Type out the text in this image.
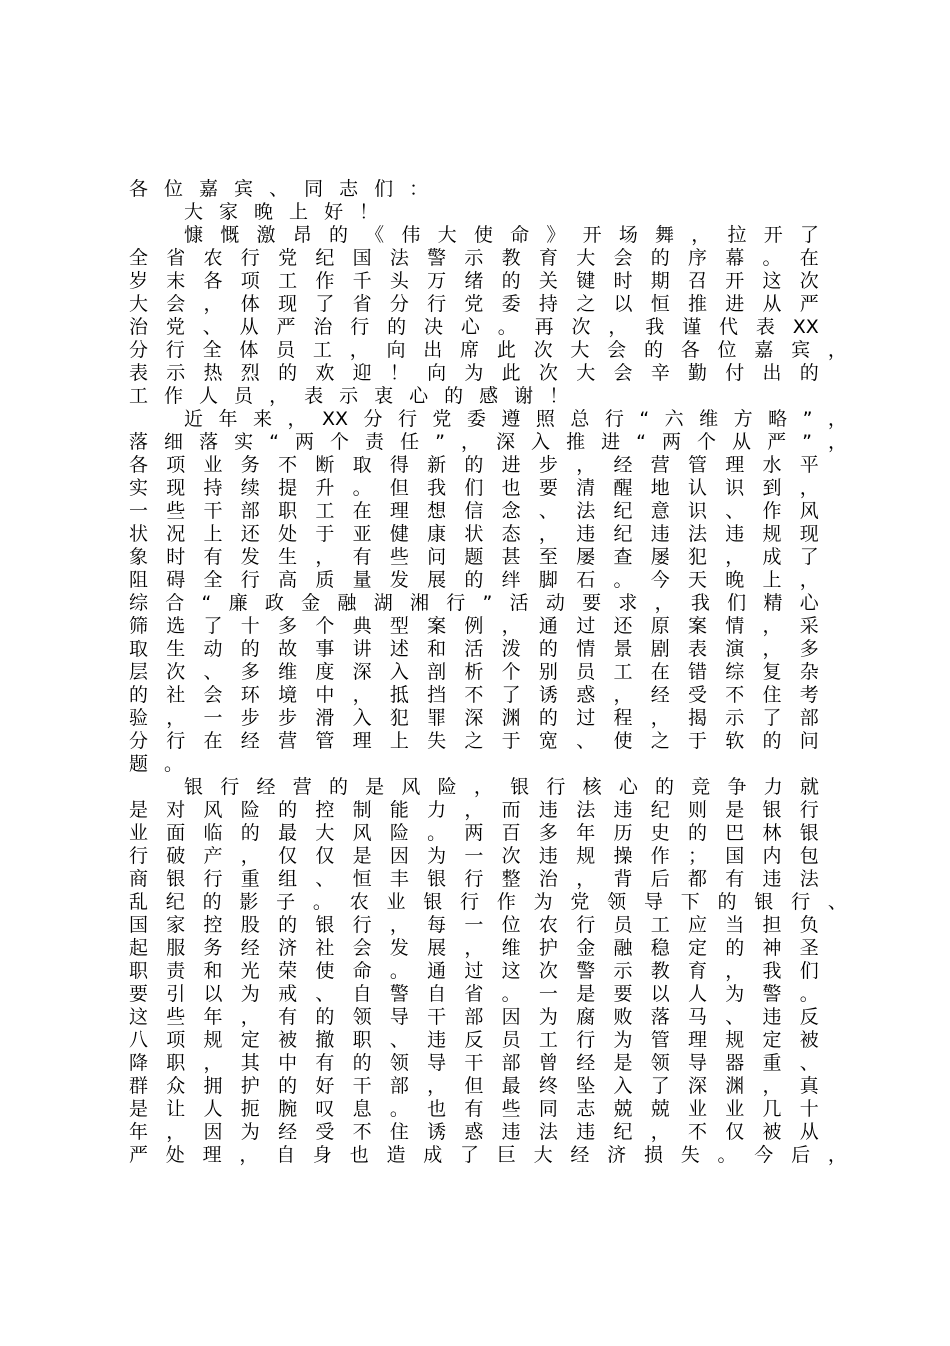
各 位 嘉 宾 、 同 志 们 ：
大 家 晚 上 好 ！
慷 慨 激 昂 的 《 伟 大 使 命 》 开 场 舞 ， 拉 开 了
全 省 农 行 党 纪 国 法 警 示 教 育 大 会 的 序 幕 。 在
岁 末 各 项 工 作 千 头 万 绪 的 关 键 时 期 召 开 这 次
大 会 ， 体 现 了 省 分 行 党 委 持 之 以 恒 推 进 从 严
治 党 、 从 严 治 行 的 决 心 。 再 次 ， 我 谨 代 表 XX
分 行 全 体 员 工 ， 向 出 席 此 次 大 会 的 各 位 嘉 宾 ，
表 示 热 烈 的 欢 迎 ！ 向 为 此 次 大 会 辛 勤 付 出 的
工 作 人 员 ， 表 示 衷 心 的 感 谢 ！
近 年 来 ， XX 分 行 党 委 遵 照 总 行 “ 六 维 方 略 ” ，
落 细 落 实 “ 两 个 责 任 ” ， 深 入 推 进 “ 两 个 从 严 ” ，
各 项 业 务 不 断 取 得 新 的 进 步 ， 经 营 管 理 水 平
实 现 持 续 提 升 。 但 我 们 也 要 清 醒 地 认 识 到 ，
一 些 干 部 职 工 在 理 想 信 念 、 法 纪 意 识 、 作 风
状 况 上 还 处 于 亚 健 康 状 态 ， 违 纪 违 法 违 规 现
象 时 有 发 生 ， 有 些 问 题 甚 至 屡 查 屡 犯 ， 成 了
阻 碍 全 行 高 质 量 发 展 的 绊 脚 石 。 今 天 晚 上 ，
综 合 “ 廉 政 金 融 湖 湘 行 ” 活 动 要 求 ， 我 们 精 心
筛 选 了 十 多 个 典 型 案 例 ， 通 过 还 原 案 情 ， 采
取 生 动 的 故 事 讲 述 和 活 泼 的 情 景 剧 表 演 ， 多
层 次 、 多 维 度 深 入 剖 析 个 别 员 工 在 错 综 复 杂
的 社 会 环 境 中 ， 抵 挡 不 了 诱 惑 ， 经 受 不 住 考
验 ， 一 步 步 滑 入 犯 罪 深 渊 的 过 程 ， 揭 示 了 部
分 行 在 经 营 管 理 上 失 之 于 宽 、 使 之 于 软 的 问
题 。
银 行 经 营 的 是 风 险 ， 银 行 核 心 的 竞 争 力 就
是 对 风 险 的 控 制 能 力 ， 而 违 法 违 纪 则 是 银 行
业 面 临 的 最 大 风 险 。 两 百 多 年 历 史 的 巴 林 银
行 破 产 ， 仅 仅 是 因 为 一 次 违 规 操 作 ； 国 内 包
商 银 行 重 组 、 恒 丰 银 行 整 治 ， 背 后 都 有 违 法
乱 纪 的 影 子 。 农 业 银 行 作 为 党 领 导 下 的 银 行 、
国 家 控 股 的 银 行 ， 每 一 位 农 行 员 工 应 当 担 负
起 服 务 经 济 社 会 发 展 ， 维 护 金 融 稳 定 的 神 圣
职 责 和 光 荣 使 命 。 通 过 这 次 警 示 教 育 ， 我 们
要 引 以 为 戒 、 自 警 自 省 。 一 是 要 以 人 为 警 。
这 些 年 ， 有 的 领 导 干 部 因 为 腐 败 落 马 、 违 反
八 项 规 定 被 撤 职 、 违 反 员 工 行 为 管 理 规 定 被
降 职 ， 其 中 有 的 领 导 干 部 曾 经 是 领 导 器 重 、
群 众 拥 护 的 好 干 部 ， 但 最 终 坠 入 了 深 渊 ， 真
是 让 人 扼 腕 叹 息 。 也 有 些 同 志 兢 兢 业 业 几 十
年 ， 因 为 经 受 不 住 诱 惑 违 法 违 纪 ， 不 仅 被 从
严 处 理 ， 自 身 也 造 成 了 巨 大 经 济 损 失 。 今 后 ，
